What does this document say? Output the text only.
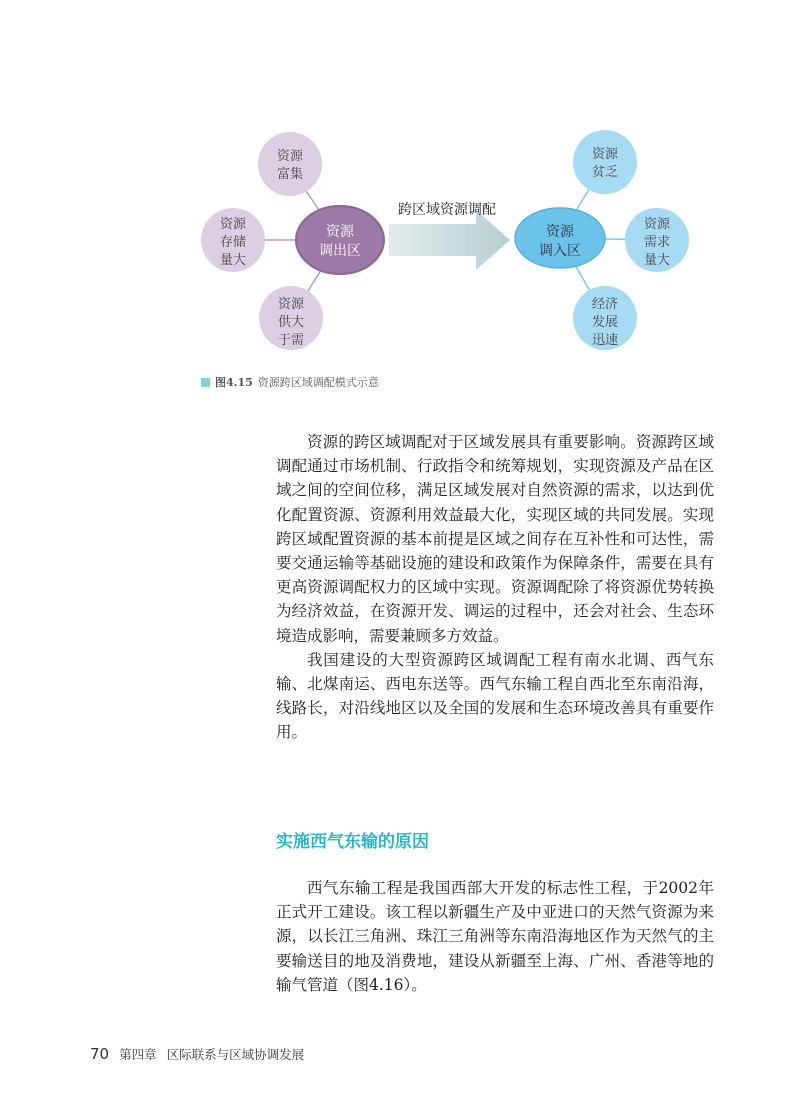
跨区域资源调配
资源
调出区
资源
调入区
资源
富集
资源
存储
量大
资源
供大
于需
资源
贫乏
资源
需求
量大
经济
发展
迅速
图4.15 资源跨区域调配模式示意

资源的跨区域调配对于区域发展具有重要影响。资源跨区域调配通过市场机制、行政指令和统筹规划，实现资源及产品在区域之间的空间位移，满足区域发展对自然资源的需求，以达到优化配置资源、资源利用效益最大化，实现区域的共同发展。实现跨区域配置资源的基本前提是区域之间存在互补性和可达性，需要交通运输等基础设施的建设和政策作为保障条件，需要在具有更高资源调配权力的区域中实现。资源调配除了将资源优势转换为经济效益，在资源开发、调运的过程中，还会对社会、生态环境造成影响，需要兼顾多方效益。

我国建设的大型资源跨区域调配工程有南水北调、西气东输、北煤南运、西电东送等。西气东输工程自西北至东南沿海，线路长，对沿线地区以及全国的发展和生态环境改善具有重要作用。

实施西气东输的原因

西气东输工程是我国西部大开发的标志性工程，于2002年正式开工建设。该工程以新疆生产及中亚进口的天然气资源为来源，以长江三角洲、珠江三角洲等东南沿海地区作为天然气的主要输送目的地及消费地，建设从新疆至上海、广州、香港等地的输气管道（图4.16）。

70 第四章 区际联系与区域协调发展
